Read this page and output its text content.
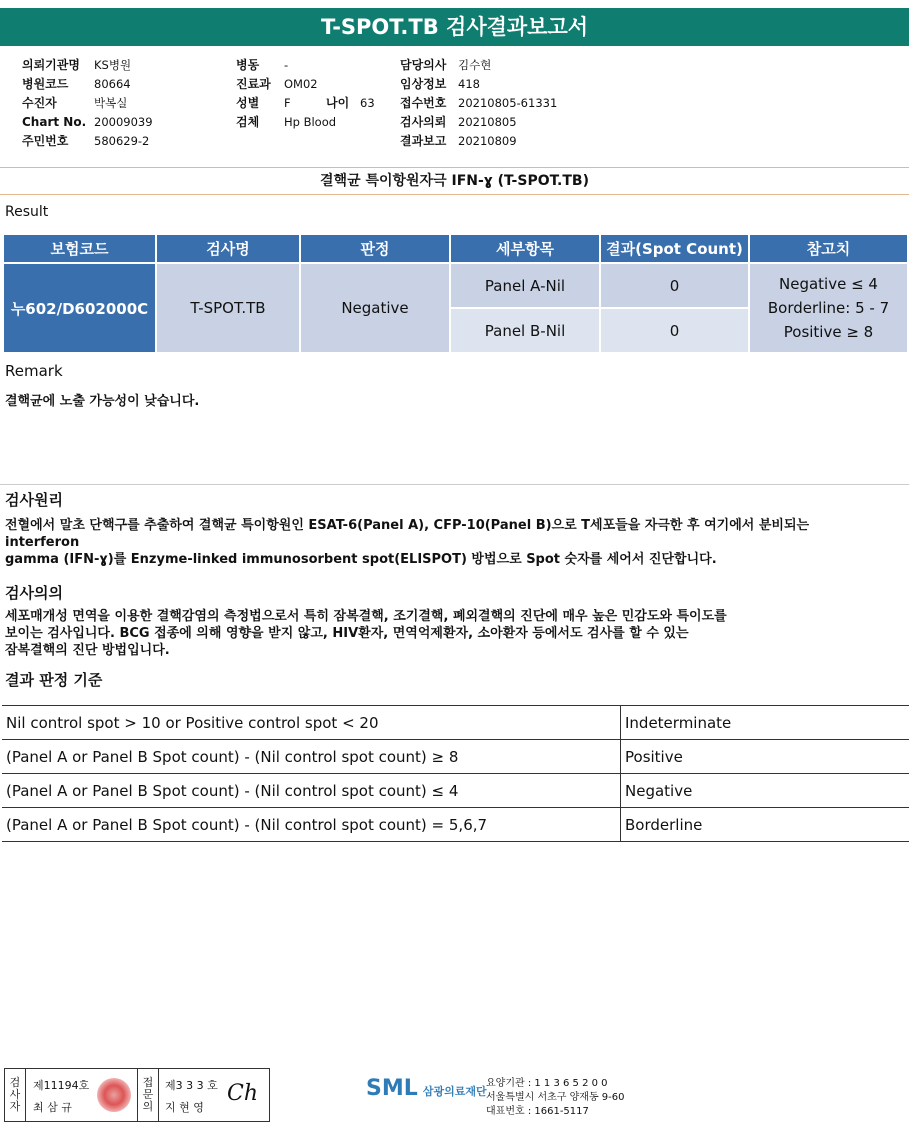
T-SPOT.TB 검사결과보고서
의뢰기관명	KS병원
병원코드	80664
수진자	박복실
Chart No. 20009039
주민번호	580629-2
병동	-
진료과	OM02
성별	F	나이 63
검체	Hp Blood
담당의사	김수현
임상정보	418
접수번호	20210805-61331
검사의뢰	20210805
결과보고	20210809
결핵균 특이항원자극 IFN-ɣ (T-SPOT.TB)
Result
보험코드	검사명	판정	세부항목	결과(Spot Count)	참고치
누602/D602000C	T-SPOT.TB	Negative	Panel A-Nil	0	Negative ≤ 4
Borderline: 5 - 7
Positive ≥ 8

			Panel B-Nil	0	
Remark
결핵균에 노출 가능성이 낮습니다.
검사원리
전혈에서 말초 단핵구를 추출하여 결핵균 특이항원인 ESAT-6(Panel A), CFP-10(Panel B)으로 T세포들을 자극한 후 여기에서 분비되는
interferon
gamma (IFN-ɣ)를 Enzyme-linked immunosorbent spot(ELISPOT) 방법으로 Spot 숫자를 세어서 진단합니다.
검사의의
세포매개성 면역을 이용한 결핵감염의 측정법으로서 특히 잠복결핵, 조기결핵, 폐외결핵의 진단에 매우 높은 민감도와 특이도를
보이는 검사입니다. BCG 접종에 의해 영향을 받지 않고, HIV환자, 면역억제환자, 소아환자 등에서도 검사를 할 수 있는
잠복결핵의 진단 방법입니다.
결과 판정 기준
Nil control spot > 10 or Positive control spot < 20	Indeterminate
(Panel A or Panel B Spot count) - (Nil control spot count) ≥ 8	Positive
(Panel A or Panel B Spot count) - (Nil control spot count) ≤ 4	Negative
(Panel A or Panel B Spot count) - (Nil control spot count) = 5,6,7	Borderline
검
사
자
제11194호
최 삼 규
접
문
의
제3 3 3 호
지 현 영
Ch	SML 삼광의료재단
요양기관 : 1 1 3 6 5 2 0 0
서울특별시 서초구 양재동 9-60
대표번호 : 1661-5117
